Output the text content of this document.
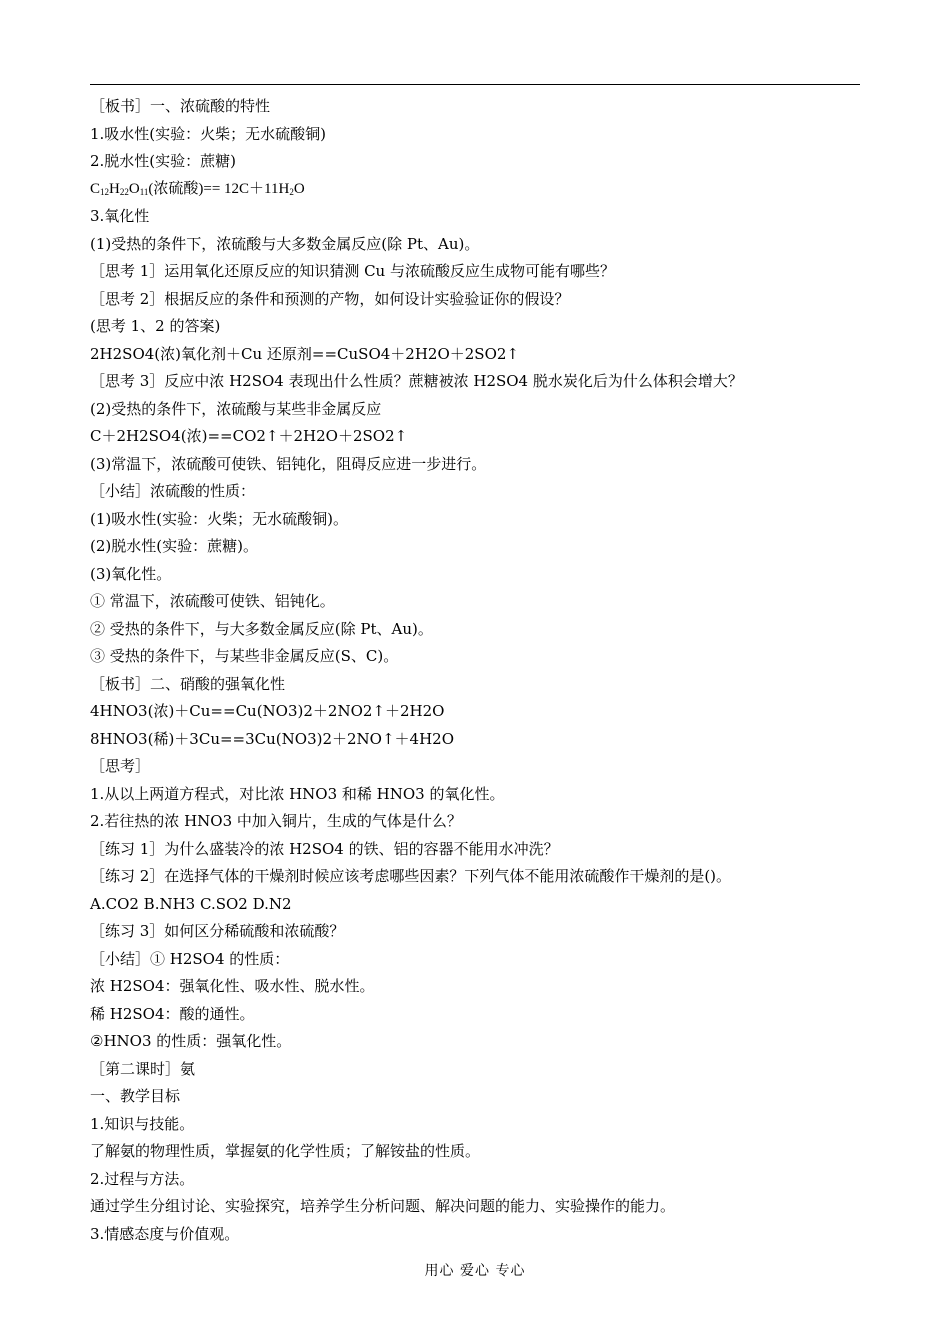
［板书］一、浓硫酸的特性
1.吸水性(实验：火柴；无水硫酸铜)
2.脱水性(实验：蔗糖)
$C_{12}H_{22}O_{11}$(浓硫酸)== $12C+11H_2O$
3.氧化性
(1)受热的条件下，浓硫酸与大多数金属反应(除 Pt、Au)。
［思考 1］运用氧化还原反应的知识猜测 Cu 与浓硫酸反应生成物可能有哪些？
［思考 2］根据反应的条件和预测的产物，如何设计实验验证你的假设？
(思考 1、2 的答案)
2H2SO4(浓)氧化剂＋Cu 还原剂==CuSO4＋2H2O＋2SO2↑
［思考 3］反应中浓 H2SO4 表现出什么性质？蔗糖被浓 H2SO4 脱水炭化后为什么体积会增大？
(2)受热的条件下，浓硫酸与某些非金属反应
C＋2H2SO4(浓)==CO2↑＋2H2O＋2SO2↑
(3)常温下，浓硫酸可使铁、铝钝化，阻碍反应进一步进行。
［小结］浓硫酸的性质：
(1)吸水性(实验：火柴；无水硫酸铜)。
(2)脱水性(实验：蔗糖)。
(3)氧化性。
① 常温下，浓硫酸可使铁、铝钝化。
② 受热的条件下，与大多数金属反应(除 Pt、Au)。
③ 受热的条件下，与某些非金属反应(S、C)。
［板书］二、硝酸的强氧化性
4HNO3(浓)＋Cu==Cu(NO3)2＋2NO2↑＋2H2O
8HNO3(稀)＋3Cu==3Cu(NO3)2＋2NO↑＋4H2O
［思考］
1.从以上两道方程式，对比浓 HNO3 和稀 HNO3 的氧化性。
2.若往热的浓 HNO3 中加入铜片，生成的气体是什么？
［练习 1］为什么盛装冷的浓 H2SO4 的铁、铝的容器不能用水冲洗？
［练习 2］在选择气体的干燥剂时候应该考虑哪些因素？下列气体不能用浓硫酸作干燥剂的是()。
A.CO2 B.NH3 C.SO2 D.N2
［练习 3］如何区分稀硫酸和浓硫酸？
［小结］① H2SO4 的性质：
浓 H2SO4：强氧化性、吸水性、脱水性。
稀 H2SO4：酸的通性。
②HNO3 的性质：强氧化性。
［第二课时］氨
一、教学目标
1.知识与技能。
了解氨的物理性质，掌握氨的化学性质；了解铵盐的性质。
2.过程与方法。
通过学生分组讨论、实验探究，培养学生分析问题、解决问题的能力、实验操作的能力。
3.情感态度与价值观。
用心 爱心 专心
